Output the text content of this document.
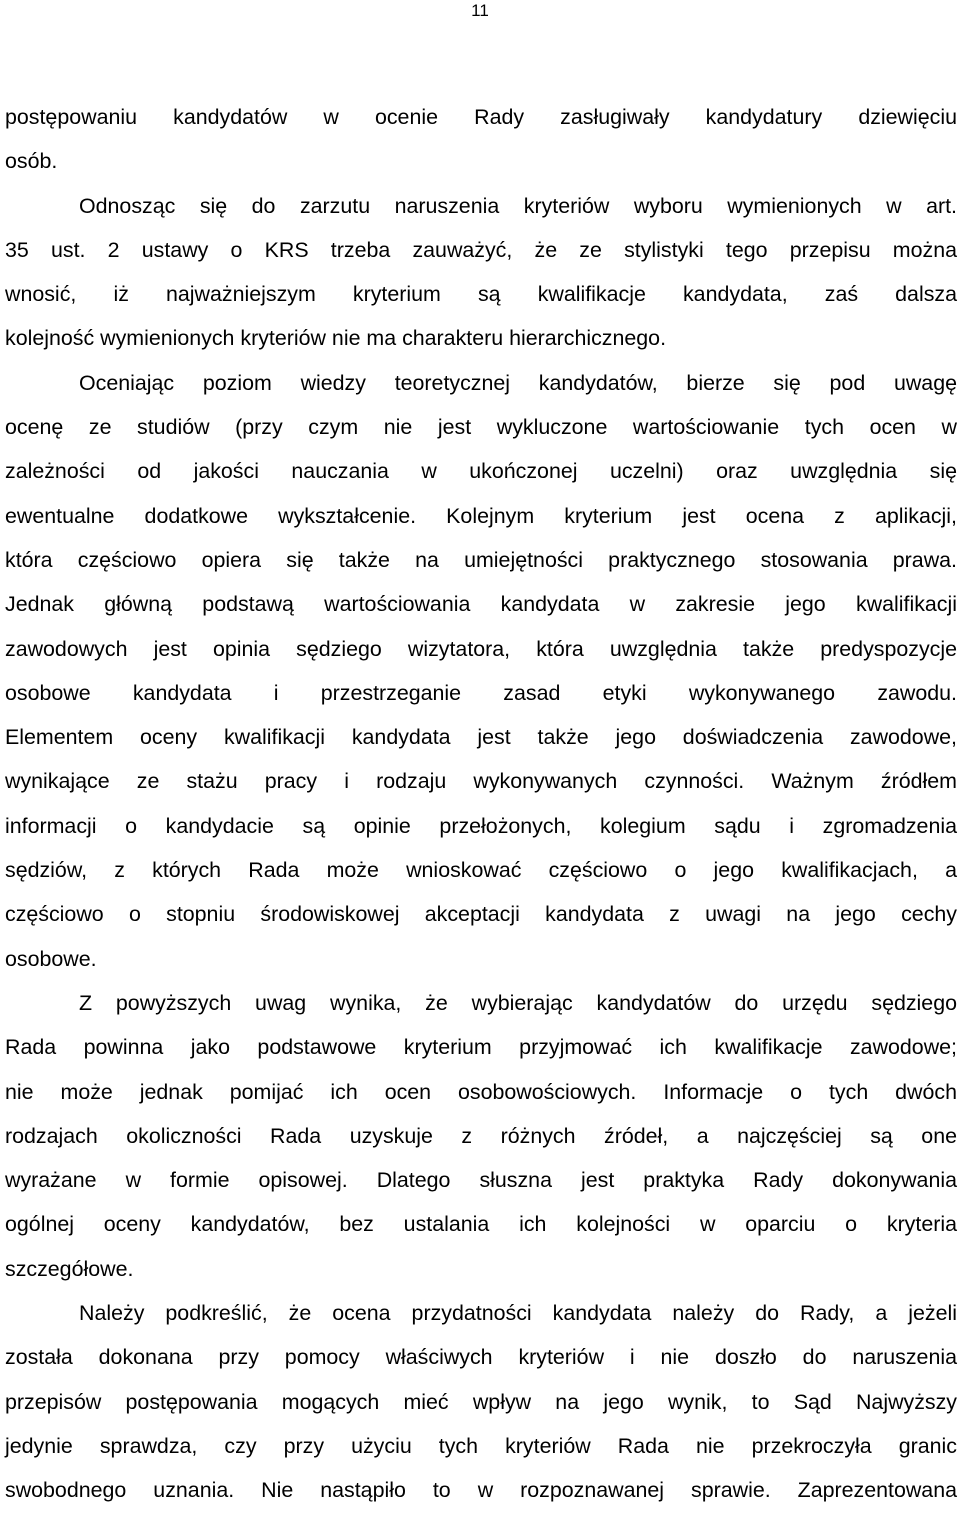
11
postępowaniu kandydatów w ocenie Rady zasługiwały kandydatury dziewięciu
osób.
Odnosząc się do zarzutu naruszenia kryteriów wyboru wymienionych w art.
35 ust. 2 ustawy o KRS trzeba zauważyć, że ze stylistyki tego przepisu można
wnosić, iż najważniejszym kryterium są kwalifikacje kandydata, zaś dalsza
kolejność wymienionych kryteriów nie ma charakteru hierarchicznego.
Oceniając poziom wiedzy teoretycznej kandydatów, bierze się pod uwagę
ocenę ze studiów (przy czym nie jest wykluczone wartościowanie tych ocen w
zależności od jakości nauczania w ukończonej uczelni) oraz uwzględnia się
ewentualne dodatkowe wykształcenie. Kolejnym kryterium jest ocena z aplikacji,
która częściowo opiera się także na umiejętności praktycznego stosowania prawa.
Jednak główną podstawą wartościowania kandydata w zakresie jego kwalifikacji
zawodowych jest opinia sędziego wizytatora, która uwzględnia także predyspozycje
osobowe kandydata i przestrzeganie zasad etyki wykonywanego zawodu.
Elementem oceny kwalifikacji kandydata jest także jego doświadczenia zawodowe,
wynikające ze stażu pracy i rodzaju wykonywanych czynności. Ważnym źródłem
informacji o kandydacie są opinie przełożonych, kolegium sądu i zgromadzenia
sędziów, z których Rada może wnioskować częściowo o jego kwalifikacjach, a
częściowo o stopniu środowiskowej akceptacji kandydata z uwagi na jego cechy
osobowe.
Z powyższych uwag wynika, że wybierając kandydatów do urzędu sędziego
Rada powinna jako podstawowe kryterium przyjmować ich kwalifikacje zawodowe;
nie może jednak pomijać ich ocen osobowościowych. Informacje o tych dwóch
rodzajach okoliczności Rada uzyskuje z różnych źródeł, a najczęściej są one
wyrażane w formie opisowej. Dlatego słuszna jest praktyka Rady dokonywania
ogólnej oceny kandydatów, bez ustalania ich kolejności w oparciu o kryteria
szczegółowe.
Należy podkreślić, że ocena przydatności kandydata należy do Rady, a jeżeli
została dokonana przy pomocy właściwych kryteriów i nie doszło do naruszenia
przepisów postępowania mogących mieć wpływ na jego wynik, to Sąd Najwyższy
jedynie sprawdza, czy przy użyciu tych kryteriów Rada nie przekroczyła granic
swobodnego uznania. Nie nastąpiło to w rozpoznawanej sprawie. Zaprezentowana
